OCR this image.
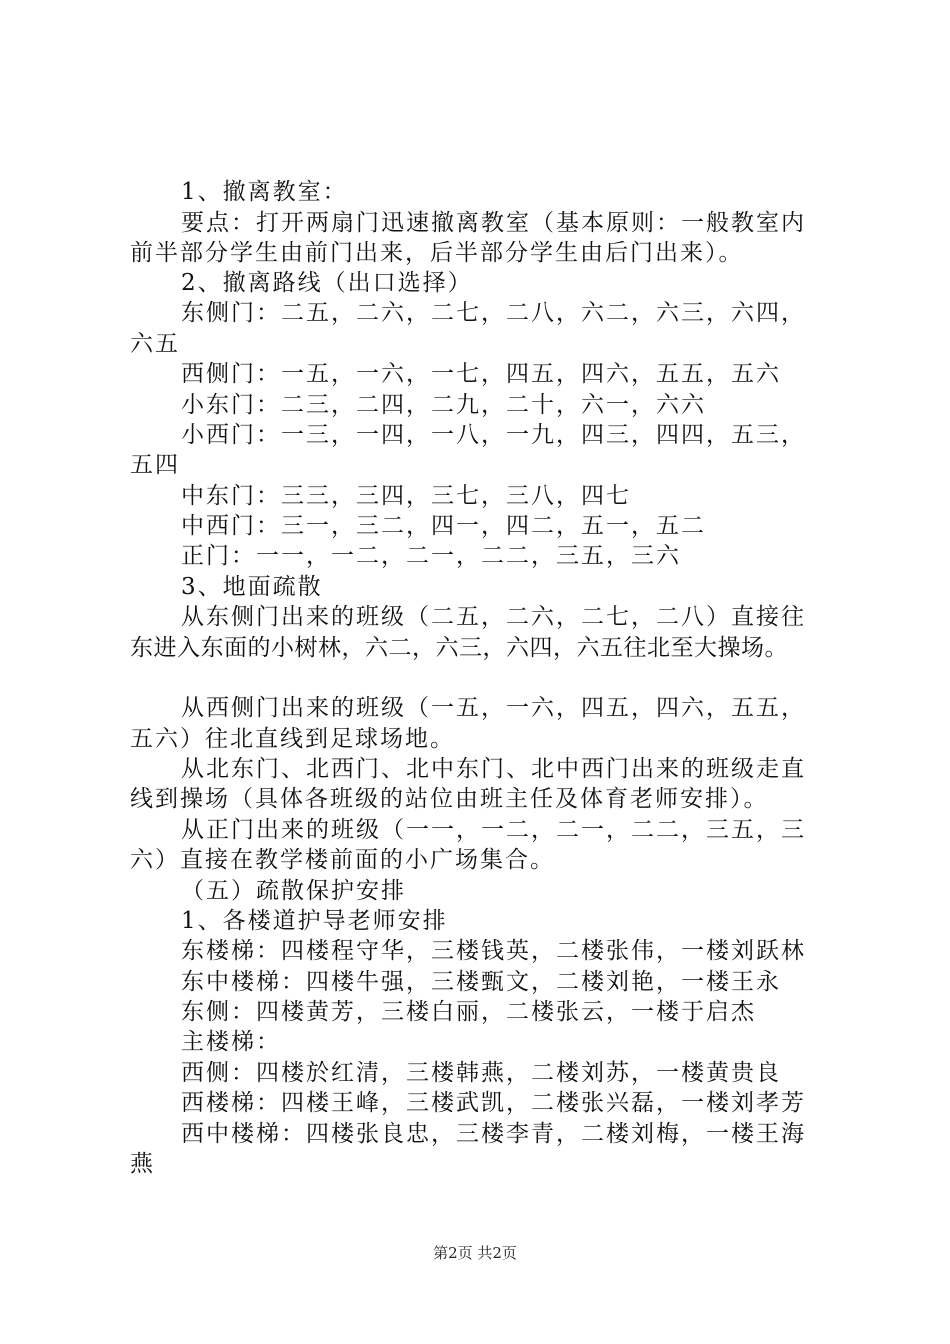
1、撤离教室：
要点：打开两扇门迅速撤离教室（基本原则：一般教室内
前半部分学生由前门出来，后半部分学生由后门出来）。
2、撤离路线（出口选择）
东侧门：二五，二六，二七，二八，六二，六三，六四，
六五
西侧门：一五，一六，一七，四五，四六，五五，五六
小东门：二三，二四，二九，二十，六一，六六
小西门：一三，一四，一八，一九，四三，四四，五三，
五四
中东门：三三，三四，三七，三八，四七
中西门：三一，三二，四一，四二，五一，五二
正门：一一，一二，二一，二二，三五，三六
3、地面疏散
从东侧门出来的班级（二五，二六，二七，二八）直接往
东进入东面的小树林，六二，六三，六四，六五往北至大操场。
从西侧门出来的班级（一五，一六，四五，四六，五五，
五六）往北直线到足球场地。
从北东门、北西门、北中东门、北中西门出来的班级走直
线到操场（具体各班级的站位由班主任及体育老师安排）。
从正门出来的班级（一一，一二，二一，二二，三五，三
六）直接在教学楼前面的小广场集合。
（五）疏散保护安排
1、各楼道护导老师安排
东楼梯：四楼程守华，三楼钱英，二楼张伟，一楼刘跃林
东中楼梯：四楼牛强，三楼甄文，二楼刘艳，一楼王永
东侧：四楼黄芳，三楼白丽，二楼张云，一楼于启杰
主楼梯：
西侧：四楼於红清，三楼韩燕，二楼刘苏，一楼黄贵良
西楼梯：四楼王峰，三楼武凯，二楼张兴磊，一楼刘孝芳
西中楼梯：四楼张良忠，三楼李青，二楼刘梅，一楼王海
燕
第2页 共2页
